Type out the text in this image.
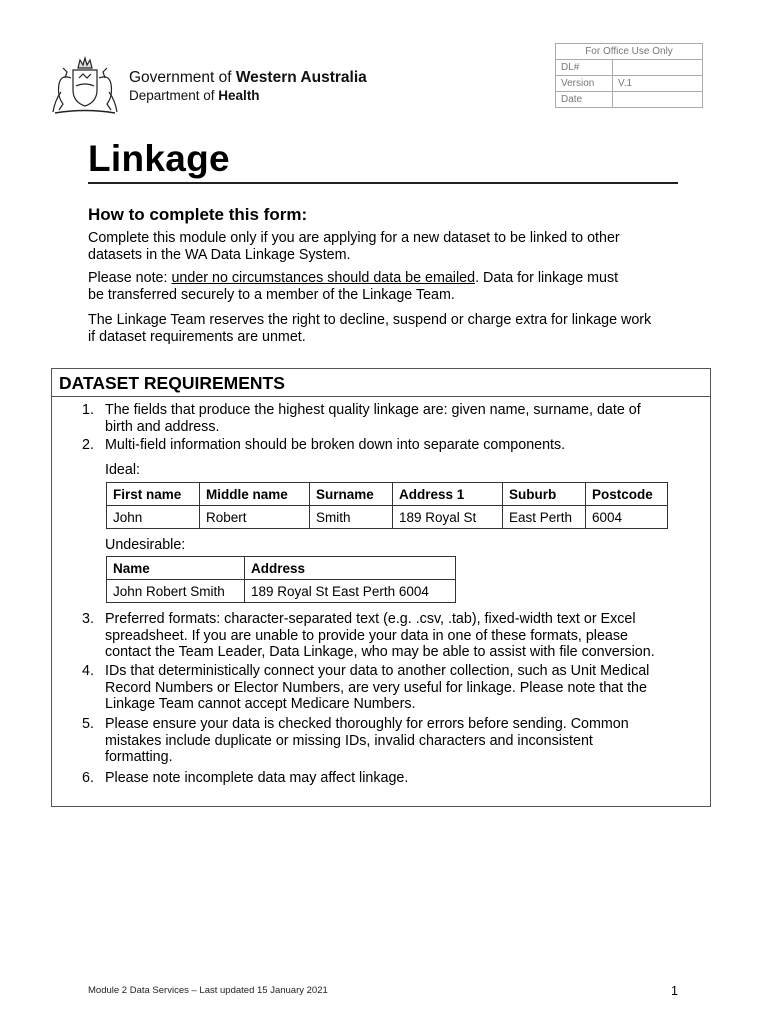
Government of Western Australia
Department of Health
For Office Use Only	
DL#	
Version	V.1
Date	
Linkage
How to complete this form:
Complete this module only if you are applying for a new dataset to be linked to other
datasets in the WA Data Linkage System.
Please note: under no circumstances should data be emailed. Data for linkage must
be transferred securely to a member of the Linkage Team.
The Linkage Team reserves the right to decline, suspend or charge extra for linkage work
if dataset requirements are unmet.
DATASET REQUIREMENTS
1. The fields that produce the highest quality linkage are: given name, surname, date of
birth and address.
2. Multi-field information should be broken down into separate components.
Ideal:
First name	Middle name	Surname	Address 1	Suburb	Postcode
John	Robert	Smith	189 Royal St	East Perth	6004
Undesirable:
Name	Address
John Robert Smith	189 Royal St East Perth 6004
3. Preferred formats: character-separated text (e.g. .csv, .tab), fixed-width text or Excel
spreadsheet. If you are unable to provide your data in one of these formats, please
contact the Team Leader, Data Linkage, who may be able to assist with file conversion.
4. IDs that deterministically connect your data to another collection, such as Unit Medical
Record Numbers or Elector Numbers, are very useful for linkage. Please note that the
Linkage Team cannot accept Medicare Numbers.
5. Please ensure your data is checked thoroughly for errors before sending. Common
mistakes include duplicate or missing IDs, invalid characters and inconsistent
formatting.
6. Please note incomplete data may affect linkage.
Module 2 Data Services – Last updated 15 January 2021	1
